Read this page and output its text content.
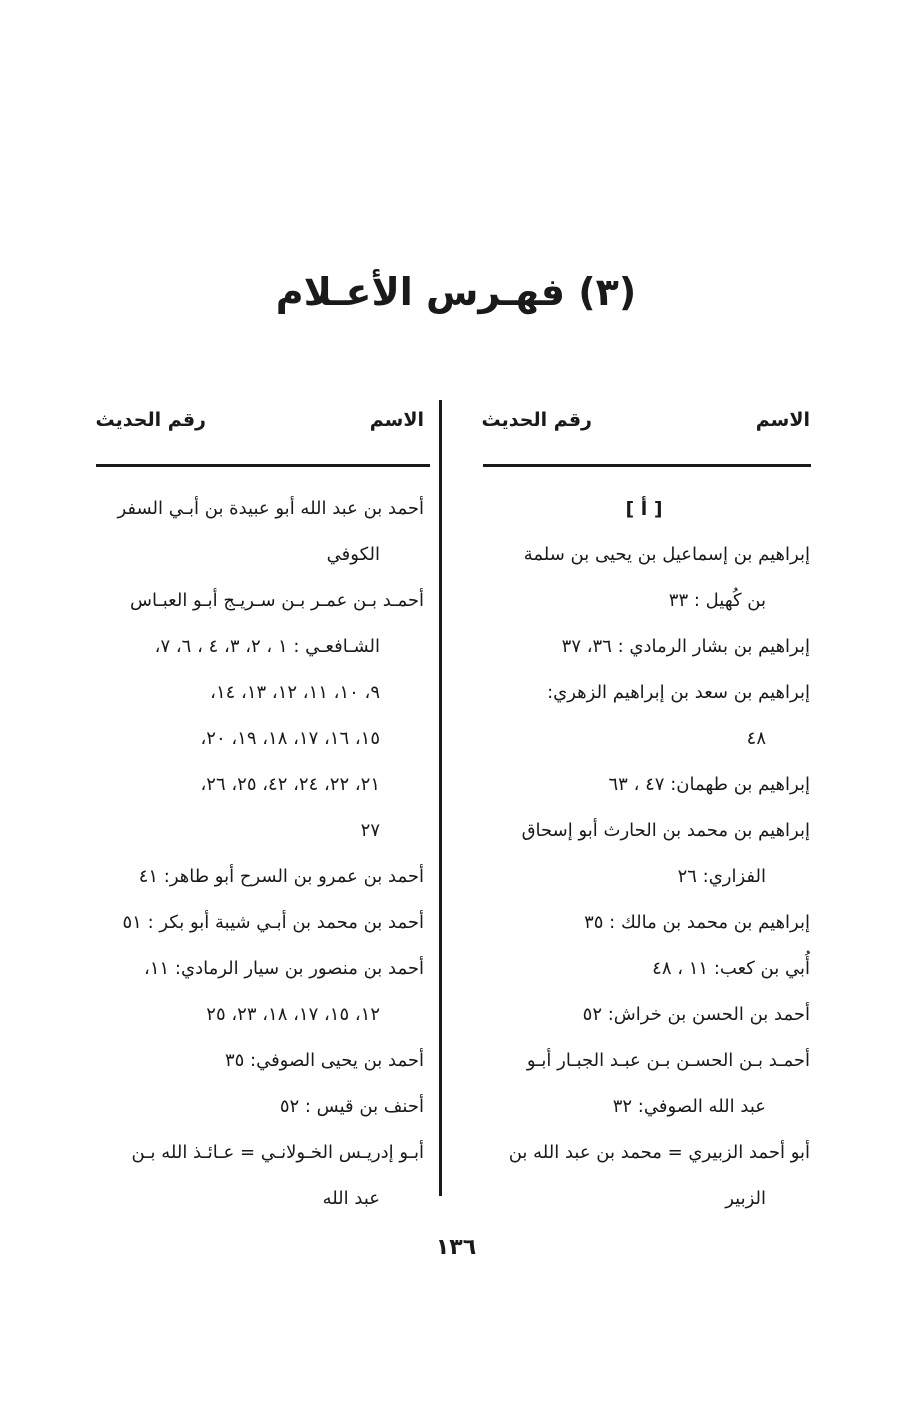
(٣) فهـرس الأعـلام
الاسم
رقم الحديث
[ أ ]
إبراهيم بن إسماعيل بن يحيى بن سلمة
بن كُهيل : ٣٣
إبراهيم بن بشار الرمادي : ٣٦، ٣٧
إبراهيم بن سعد بن إبراهيم الزهري:
٤٨
إبراهيم بن طهمان: ٤٧ ، ٦٣
إبراهيم بن محمد بن الحارث أبو إسحاق
الفزاري: ٢٦
إبراهيم بن محمد بن مالك : ٣٥
أُبي بن كعب: ١١ ، ٤٨
أحمد بن الحسن بن خراش: ٥٢
أحمـد بـن الحسـن بـن عبـد الجبـار أبـو
عبد الله الصوفي: ٣٢
أبو أحمد الزبيري = محمد بن عبد الله بن
الزبير
الاسم
رقم الحديث
أحمد بن عبد الله أبو عبيدة بن أبـي السفر
الكوفي
أحمـد بـن عمـر بـن سـريـج أبـو العبـاس
الشـافعـي : ١ ، ٢، ٣، ٤ ، ٦، ٧،
٩، ١٠، ١١، ١٢، ١٣، ١٤،
١٥، ١٦، ١٧، ١٨، ١٩، ٢٠،
٢١، ٢٢، ٢٤، ٤٢، ٢٥، ٢٦،
٢٧
أحمد بن عمرو بن السرح أبو طاهر: ٤١
أحمد بن محمد بن أبـي شيبة أبو بكر : ٥١
أحمد بن منصور بن سيار الرمادي: ١١،
١٢، ١٥، ١٧، ١٨، ٢٣، ٢٥
أحمد بن يحيى الصوفي: ٣٥
أحنف بن قيس : ٥٢
أبـو إدريـس الخـولانـي = عـائـذ الله بـن
عبد الله
١٣٦
